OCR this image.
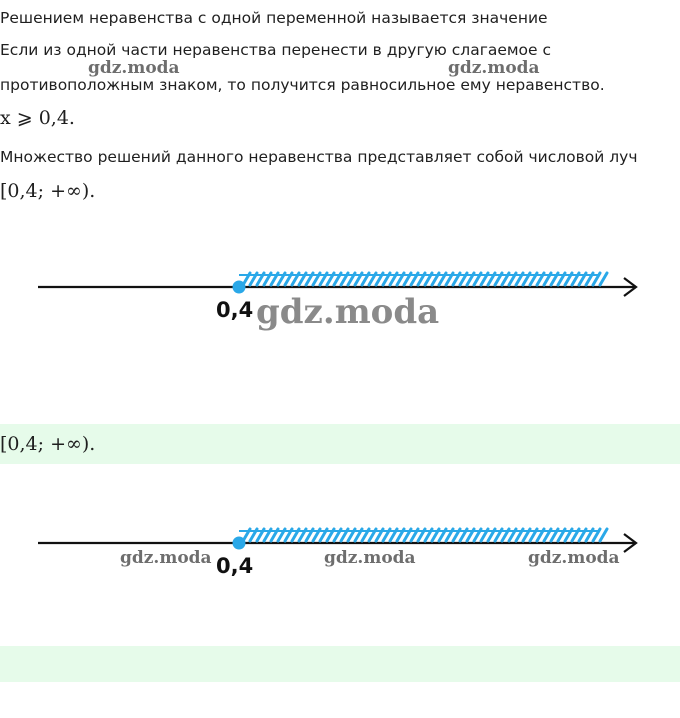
Решением неравенства с одной переменной называется значение
Если из одной части неравенства перенести в другую слагаемое с
противоположным знаком, то получится равносильное ему неравенство.
x ⩾ 0,4.
Множество решений данного неравенства представляет собой числовой луч
[0,4; +∞).
gdz.moda	gdz.moda
0,4 gdz.moda
[0,4; +∞).
0,4
gdz.moda	gdz.moda	gdz.moda
